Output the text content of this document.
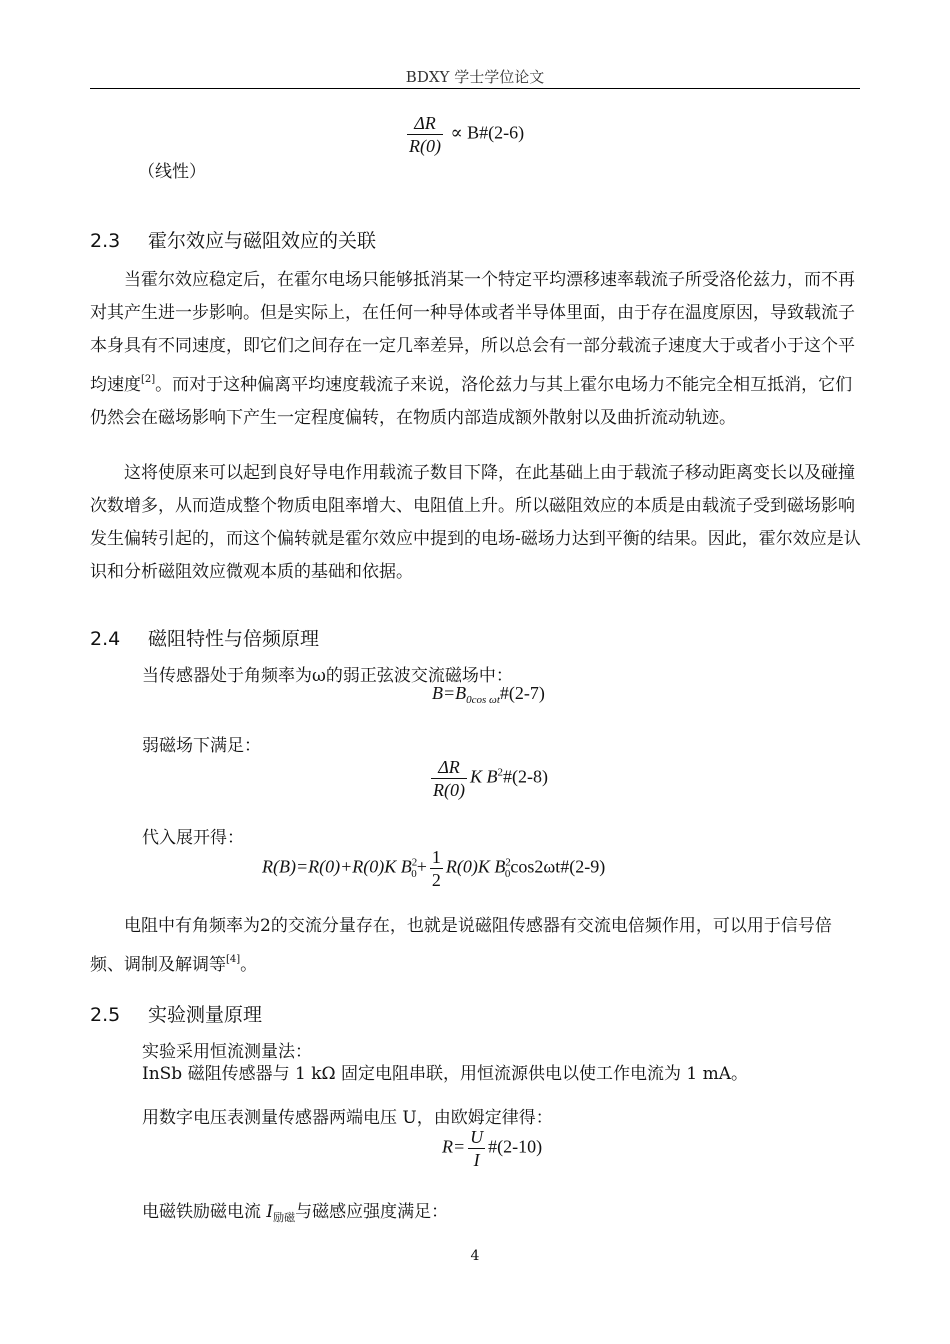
BDXY 学士学位论文
$\frac{\Delta R}{R(0)}$ ∝ B#(2-6)
（线性）
2.3 霍尔效应与磁阻效应的关联
当霍尔效应稳定后，在霍尔电场只能够抵消某一个特定平均漂移速率载流子所受洛伦兹力，而不再对其产生进一步影响。但是实际上，在任何一种导体或者半导体里面，由于存在温度原因，导致载流子本身具有不同速度，即它们之间存在一定几率差异，所以总会有一部分载流子速度大于或者小于这个平均速度[2]。而对于这种偏离平均速度载流子来说，洛伦兹力与其上霍尔电场力不能完全相互抵消，它们仍然会在磁场影响下产生一定程度偏转，在物质内部造成额外散射以及曲折流动轨迹。
这将使原来可以起到良好导电作用载流子数目下降，在此基础上由于载流子移动距离变长以及碰撞次数增多，从而造成整个物质电阻率增大、电阻值上升。所以磁阻效应的本质是由载流子受到磁场影响发生偏转引起的，而这个偏转就是霍尔效应中提到的电场-磁场力达到平衡的结果。因此，霍尔效应是认识和分析磁阻效应微观本质的基础和依据。
2.4 磁阻特性与倍频原理
当传感器处于角频率为ω的弱正弦波交流磁场中：
$B=B_{0cos \omega t}\#(2-7)$
弱磁场下满足：
$\frac{\Delta R}{R(0)}$ K $B^2\#(2-8)$
代入展开得：
R(B)=R(0)+R(0)K $B^2_0+ \frac{1}{2} R(0)K$ $B^2_0\cos 2\omega t\#(2-9)$
电阻中有角频率为2的交流分量存在，也就是说磁阻传感器有交流电倍频作用，可以用于信号倍频、调制及解调等[4]。
2.5 实验测量原理
实验采用恒流测量法：
InSb 磁阻传感器与 1 kΩ 固定电阻串联，用恒流源供电以使工作电流为 1 mA。
用数字电压表测量传感器两端电压 U，由欧姆定律得：
$R= \frac{U}{I}$ #(2-10)
电磁铁励磁电流 $I_{励磁}$与磁感应强度满足：
4
